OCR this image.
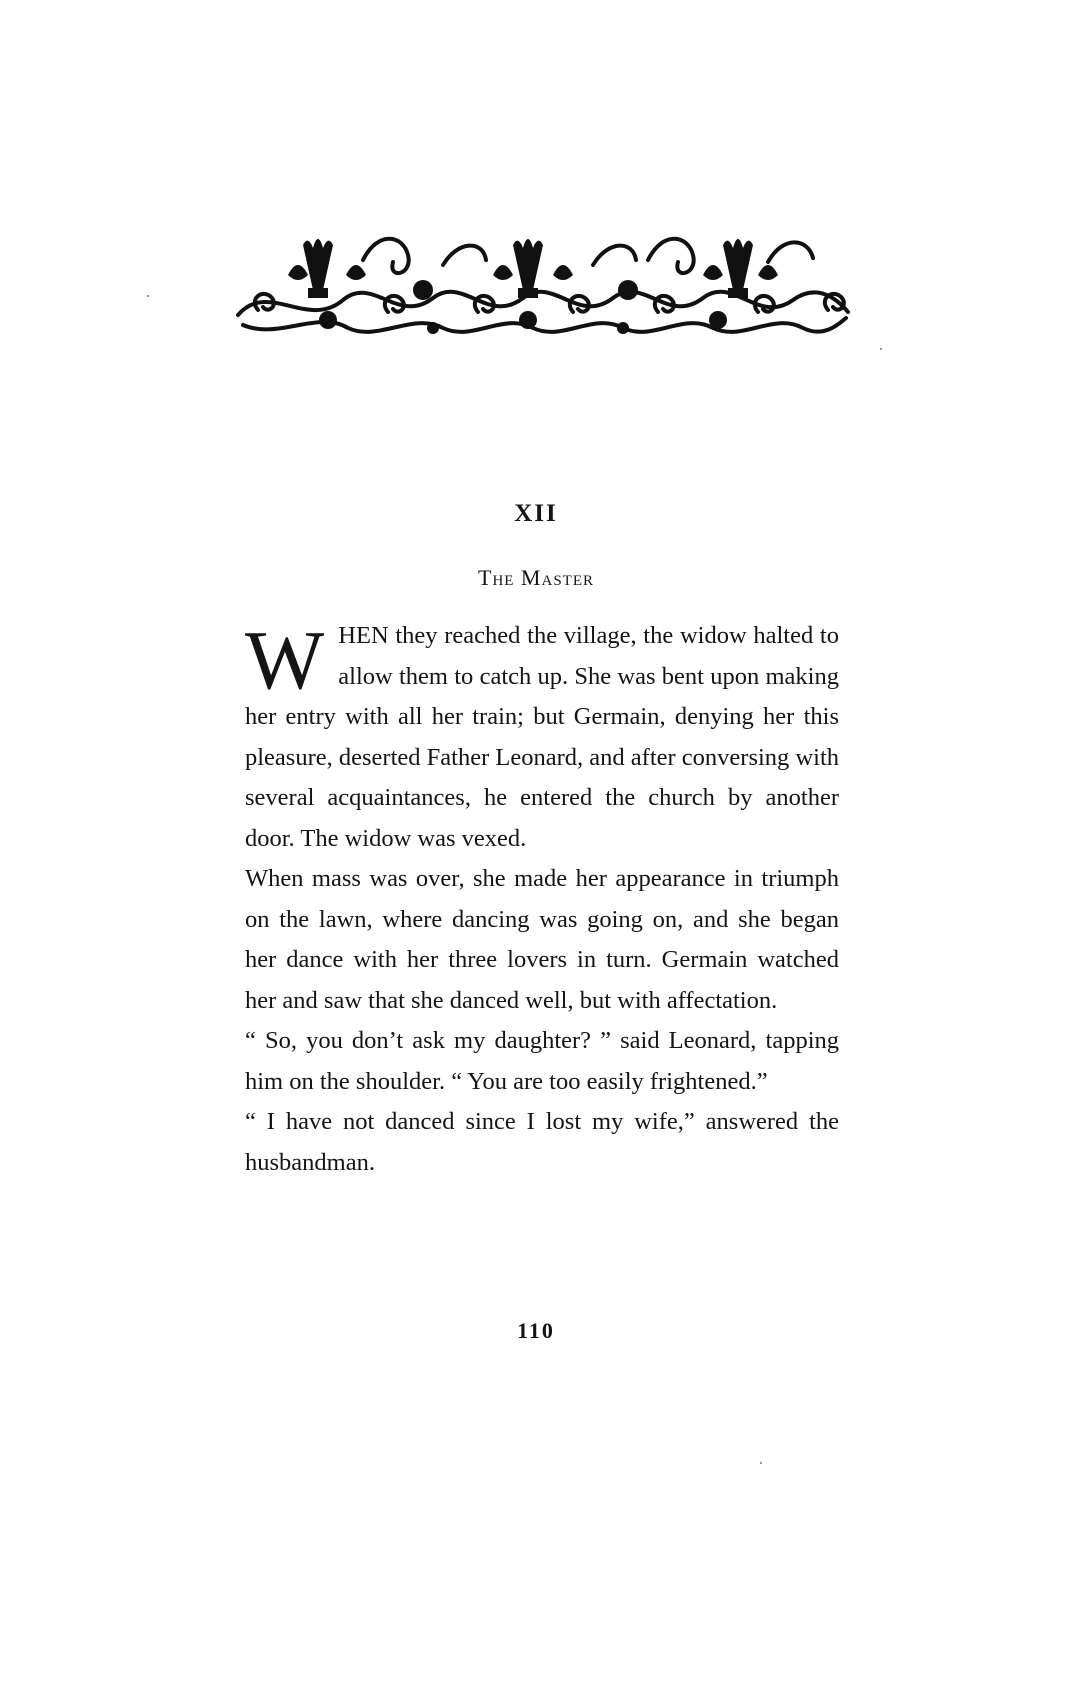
XII
The Master

WHEN they reached the village, the widow halted to allow them to catch up. She was bent upon making her entry with all her train; but Germain, denying her this pleasure, deserted Father Leonard, and after conversing with several acquaintances, he entered the church by another door. The widow was vexed.

When mass was over, she made her appearance in triumph on the lawn, where dancing was going on, and she began her dance with her three lovers in turn. Germain watched her and saw that she danced well, but with affectation.

“ So, you don’t ask my daughter? ” said Leonard, tapping him on the shoulder. “ You are too easily frightened.”

“ I have not danced since I lost my wife,” answered the husbandman.

110
